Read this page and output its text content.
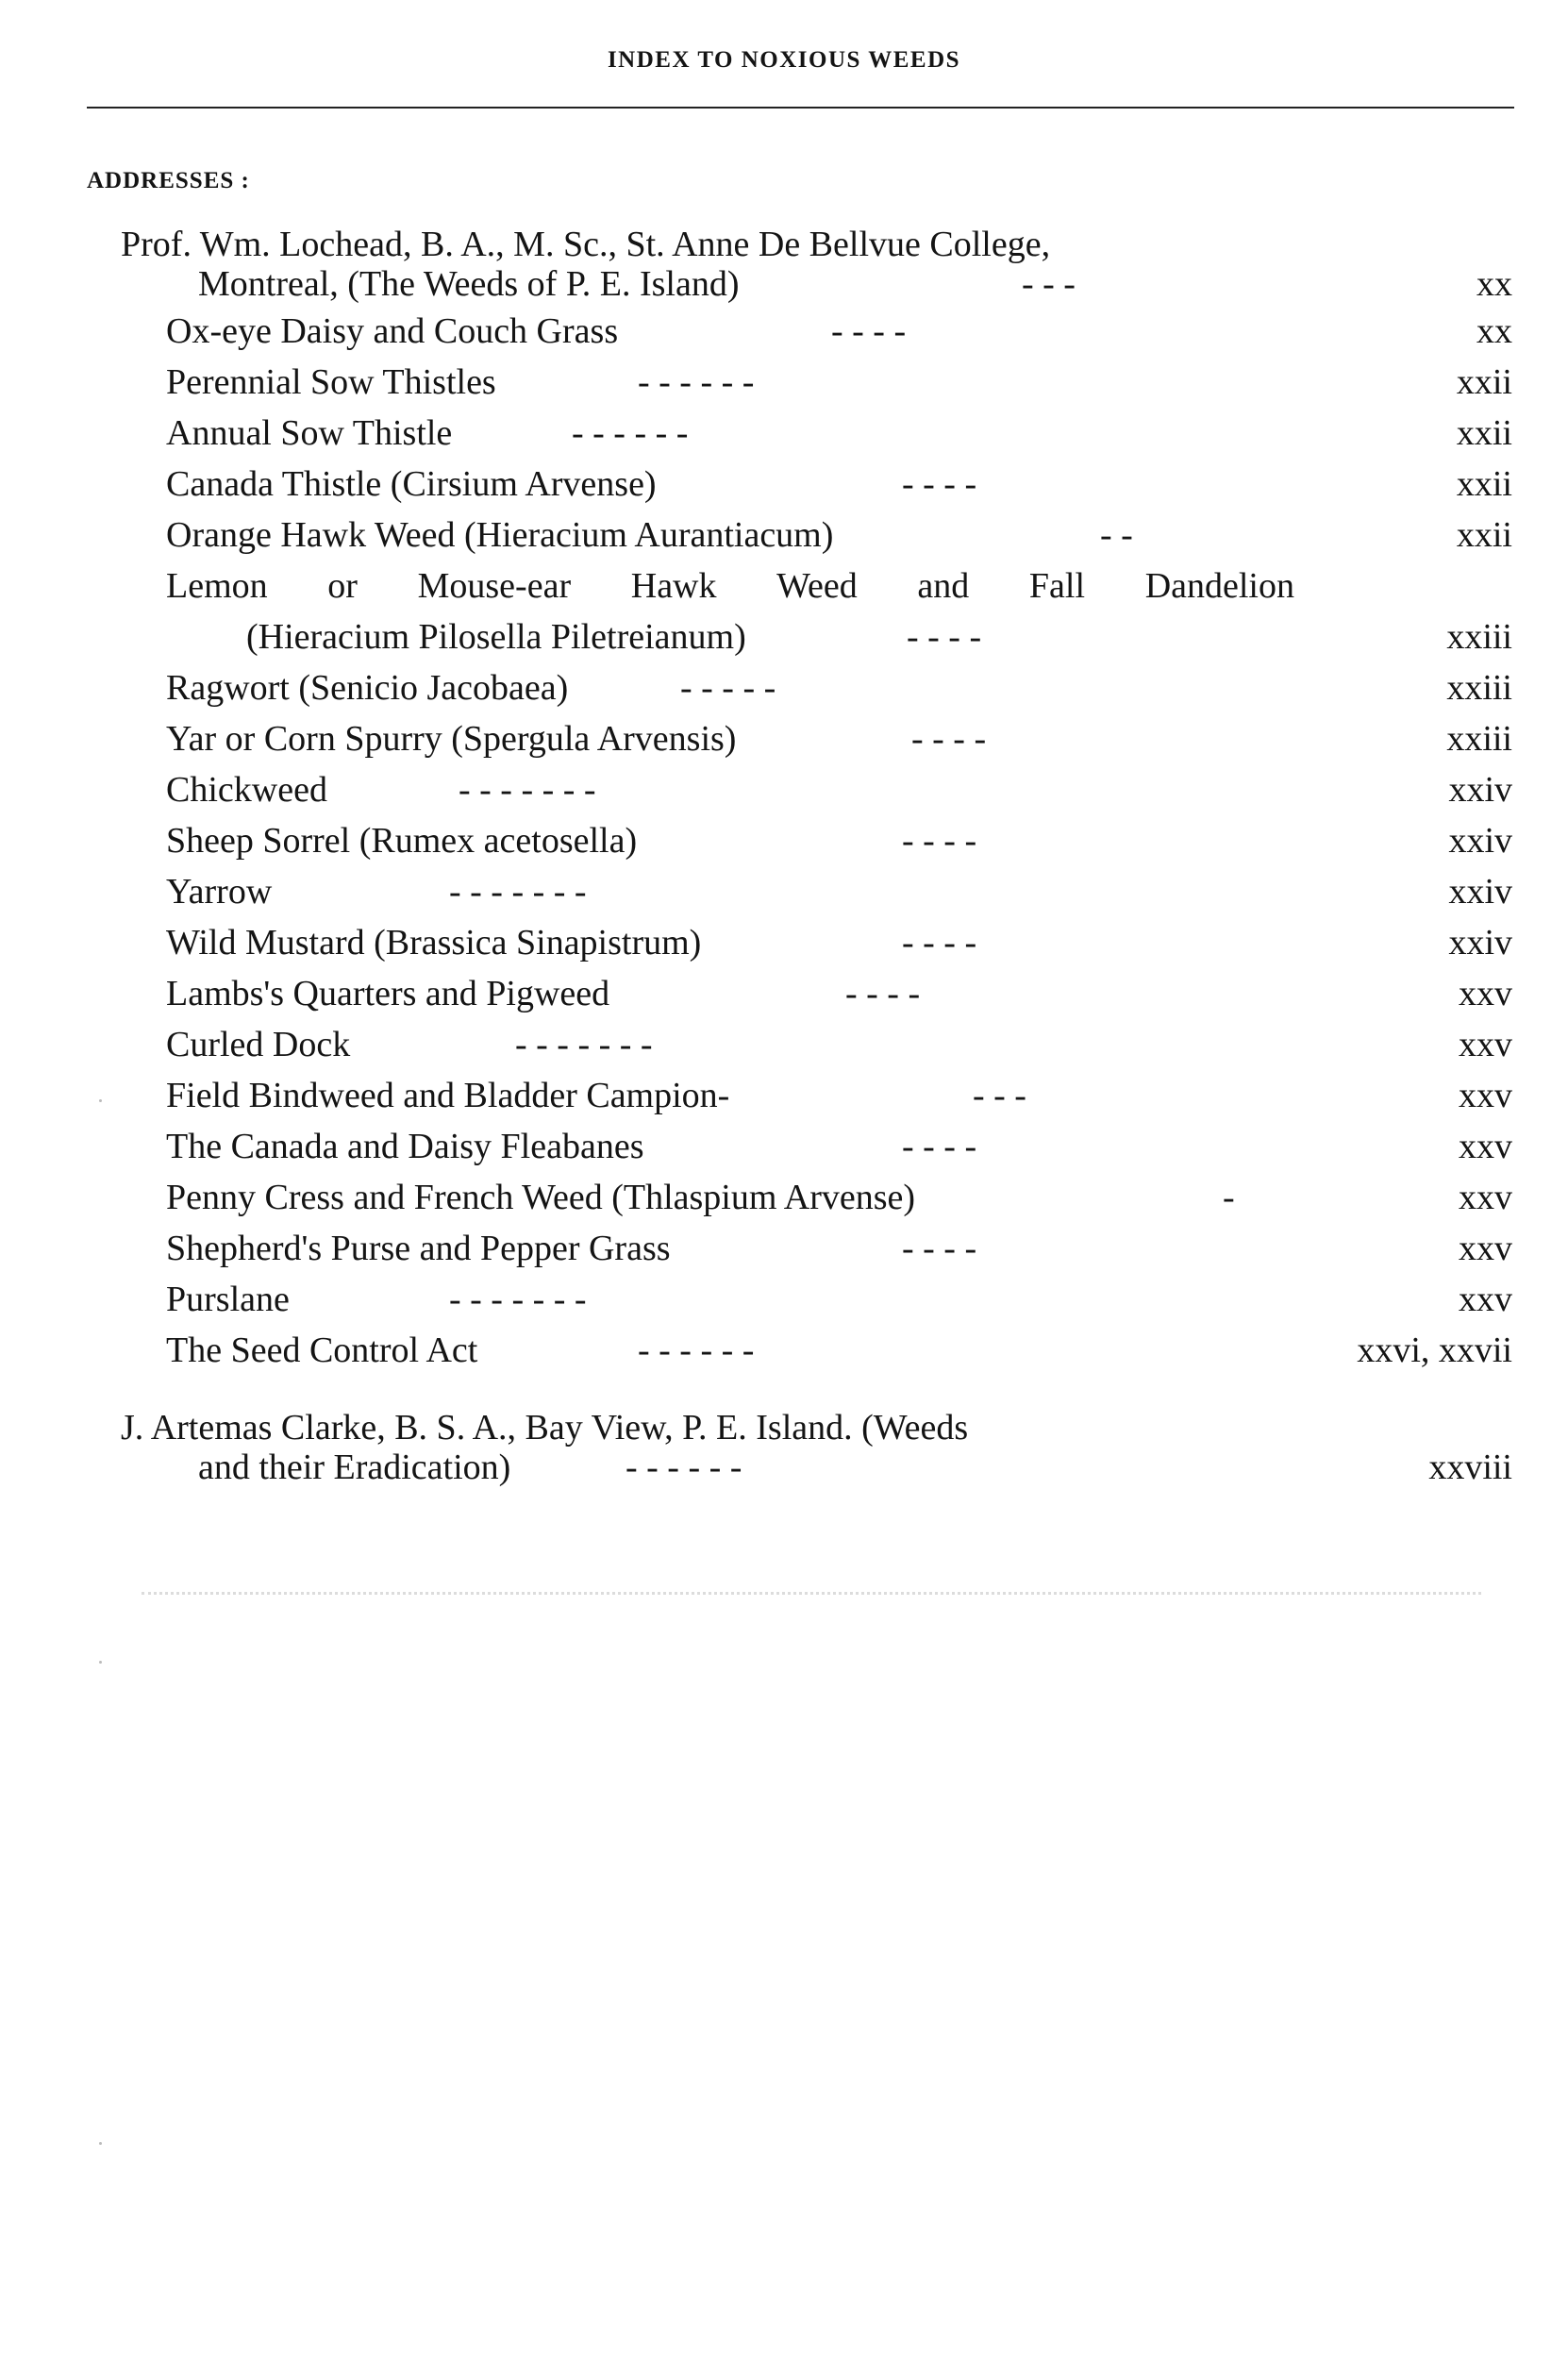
INDEX TO NOXIOUS WEEDS
ADDRESSES :
Prof. Wm. Lochead, B. A., M. Sc., St. Anne De Bellvue College,
Montreal, (The Weeds of P. E. Island)	- - -	xx
Ox-eye Daisy and Couch Grass	- - - -	xx
Perennial Sow Thistles	- - - - - -	xxii
Annual Sow Thistle	- - - - - -	xxii
Canada Thistle (Cirsium Arvense)	- - - -	xxii
Orange Hawk Weed (Hieracium Aurantiacum)	- -	xxii
Lemon or Mouse-ear Hawk Weed and Fall Dandelion
(Hieracium Pilosella Piletreianum)	- - - -	xxiii
Ragwort (Senicio Jacobaea)	- - - - -	xxiii
Yar or Corn Spurry (Spergula Arvensis)	- - - -	xxiii
Chickweed	- - - - - - -	xxiv
Sheep Sorrel (Rumex acetosella)	- - - -	xxiv
Yarrow	- - - - - - -	xxiv
Wild Mustard (Brassica Sinapistrum)	- - - -	xxiv
Lambs's Quarters and Pigweed	- - - -	xxv
Curled Dock	- - - - - - -	xxv
Field Bindweed and Bladder Campion-	- - -	xxv
The Canada and Daisy Fleabanes	- - - -	xxv
Penny Cress and French Weed (Thlaspium Arvense)	-	xxv
Shepherd's Purse and Pepper Grass	- - - -	xxv
Purslane	- - - - - - -	xxv
The Seed Control Act	- - - - - -	xxvi, xxvii
J. Artemas Clarke, B. S. A., Bay View, P. E. Island. (Weeds
and their Eradication)	- - - - - -	xxviii
